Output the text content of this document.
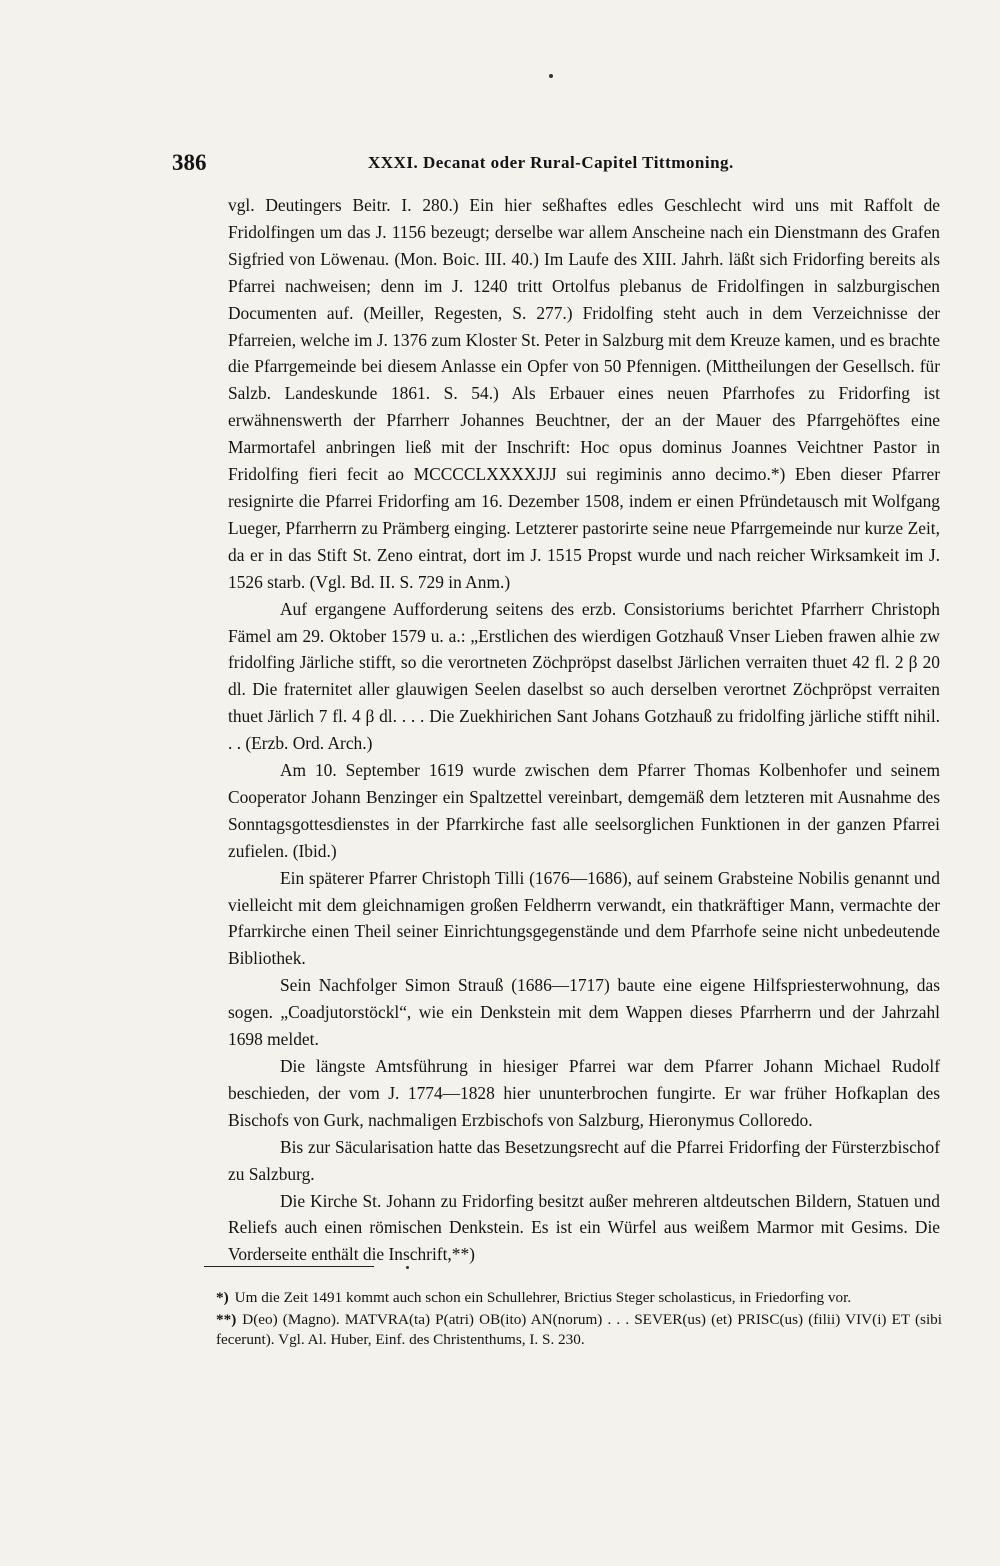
386	XXXI. Decanat oder Rural-Capitel Tittmoning.

vgl. Deutingers Beitr. I. 280.) Ein hier seßhaftes edles Geschlecht wird uns mit Raffolt de Fridolfingen um das J. 1156 bezeugt; derselbe war allem Anscheine nach ein Dienstmann des Grafen Sigfried von Löwenau. (Mon. Boic. III. 40.) Im Laufe des XIII. Jahrh. läßt sich Fridorfing bereits als Pfarrei nachweisen; denn im J. 1240 tritt Ortolfus plebanus de Fridolfingen in salzburgischen Documenten auf. (Meiller, Regesten, S. 277.) Fridolfing steht auch in dem Verzeichnisse der Pfarreien, welche im J. 1376 zum Kloster St. Peter in Salzburg mit dem Kreuze kamen, und es brachte die Pfarrgemeinde bei diesem Anlasse ein Opfer von 50 Pfennigen. (Mittheilungen der Gesellsch. für Salzb. Landeskunde 1861. S. 54.) Als Erbauer eines neuen Pfarrhofes zu Fridorfing ist erwähnenswerth der Pfarrherr Johannes Beuchtner, der an der Mauer des Pfarrgehöftes eine Marmortafel anbringen ließ mit der Inschrift: Hoc opus dominus Joannes Veichtner Pastor in Fridolfing fieri fecit ao MCCCCLXXXXJJJ sui regiminis anno decimo.*) Eben dieser Pfarrer resignirte die Pfarrei Fridorfing am 16. Dezember 1508, indem er einen Pfründetausch mit Wolfgang Lueger, Pfarrherrn zu Prämberg einging. Letzterer pastorirte seine neue Pfarrgemeinde nur kurze Zeit, da er in das Stift St. Zeno eintrat, dort im J. 1515 Propst wurde und nach reicher Wirksamkeit im J. 1526 starb. (Vgl. Bd. II. S. 729 in Anm.)

Auf ergangene Aufforderung seitens des erzb. Consistoriums berichtet Pfarrherr Christoph Fämel am 29. Oktober 1579 u. a.: „Erstlichen des wierdigen Gotzhauß Vnser Lieben frawen alhie zw fridolfing Järliche stifft, so die verortneten Zöchpröpst daselbst Järlichen verraiten thuet 42 fl. 2 β 20 dl. Die fraternitet aller glauwigen Seelen daselbst so auch derselben verortnet Zöchpröpst verraiten thuet Järlich 7 fl. 4 β dl. . . . Die Zuekhirichen Sant Johans Gotzhauß zu fridolfing järliche stifft nihil. . . (Erzb. Ord. Arch.)

Am 10. September 1619 wurde zwischen dem Pfarrer Thomas Kolbenhofer und seinem Cooperator Johann Benzinger ein Spaltzettel vereinbart, demgemäß dem letzteren mit Ausnahme des Sonntagsgottesdienstes in der Pfarrkirche fast alle seelsorglichen Funktionen in der ganzen Pfarrei zufielen. (Ibid.)

Ein späterer Pfarrer Christoph Tilli (1676—1686), auf seinem Grabsteine Nobilis genannt und vielleicht mit dem gleichnamigen großen Feldherrn verwandt, ein thatkräftiger Mann, vermachte der Pfarrkirche einen Theil seiner Einrichtungsgegenstände und dem Pfarrhofe seine nicht unbedeutende Bibliothek.

Sein Nachfolger Simon Strauß (1686—1717) baute eine eigene Hilfspriesterwohnung, das sogen. „Coadjutorstöckl“, wie ein Denkstein mit dem Wappen dieses Pfarrherrn und der Jahrzahl 1698 meldet.

Die längste Amtsführung in hiesiger Pfarrei war dem Pfarrer Johann Michael Rudolf beschieden, der vom J. 1774—1828 hier ununterbrochen fungirte. Er war früher Hofkaplan des Bischofs von Gurk, nachmaligen Erzbischofs von Salzburg, Hieronymus Colloredo.

Bis zur Säcularisation hatte das Besetzungsrecht auf die Pfarrei Fridorfing der Fürsterzbischof zu Salzburg.

Die Kirche St. Johann zu Fridorfing besitzt außer mehreren altdeutschen Bildern, Statuen und Reliefs auch einen römischen Denkstein. Es ist ein Würfel aus weißem Marmor mit Gesims. Die Vorderseite enthält die Inschrift,**)

*) Um die Zeit 1491 kommt auch schon ein Schullehrer, Brictius Steger scholasticus, in Friedorfing vor.

**) D(eo) (Magno). MATVRA(ta) P(atri) OB(ito) AN(norum) . . . SEVER(us) (et) PRISC(us) (filii) VIV(i) ET (sibi fecerunt). Vgl. Al. Huber, Einf. des Christenthums, I. S. 230.
